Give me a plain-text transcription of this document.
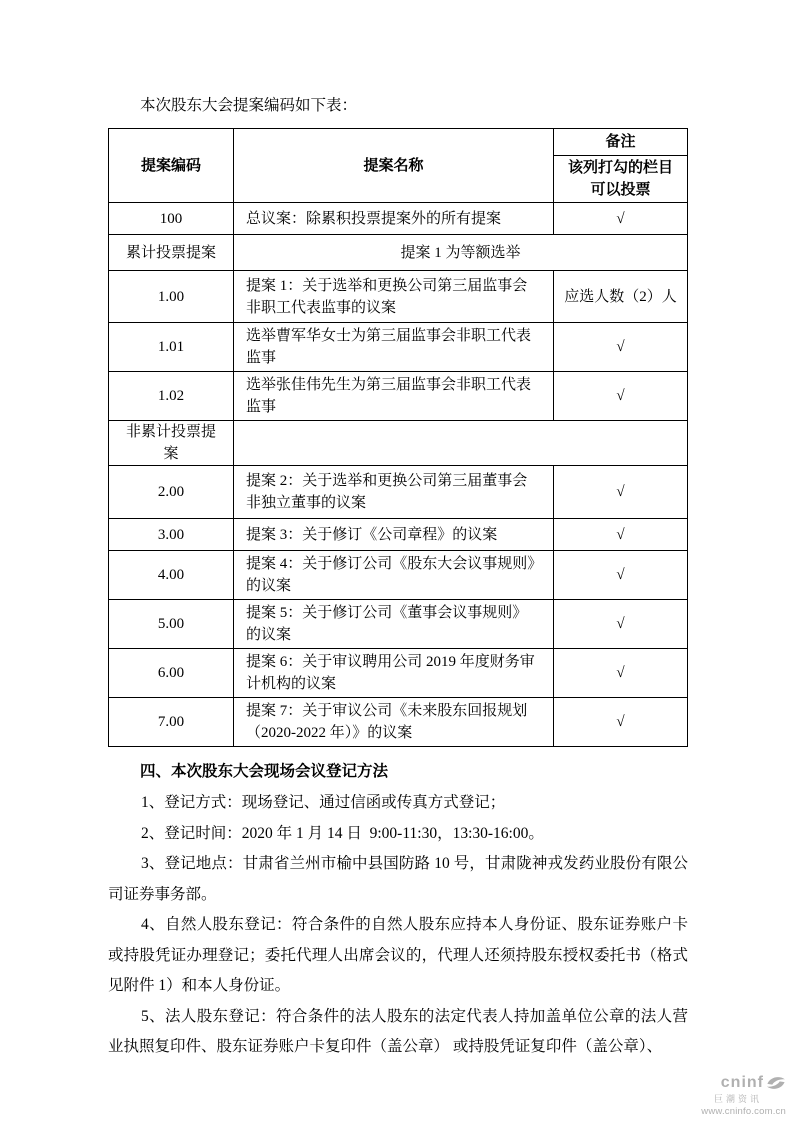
本次股东大会提案编码如下表：

提案编码	提案名称	备注
		该列打勾的栏目可以投票
100	总议案：除累积投票提案外的所有提案	√
累计投票提案	提案 1 为等额选举	
1.00	提案 1：关于选举和更换公司第三届监事会非职工代表监事的议案	应选人数（2）人
1.01	选举曹军华女士为第三届监事会非职工代表监事	√
1.02	选举张佳伟先生为第三届监事会非职工代表监事	√
非累计投票提案		
2.00	提案 2：关于选举和更换公司第三届董事会非独立董事的议案	√
3.00	提案 3：关于修订《公司章程》的议案	√
4.00	提案 4：关于修订公司《股东大会议事规则》的议案	√
5.00	提案 5：关于修订公司《董事会议事规则》的议案	√
6.00	提案 6：关于审议聘用公司 2019 年度财务审计机构的议案	√
7.00	提案 7：关于审议公司《未来股东回报规划（2020-2022 年）》的议案	√
四、本次股东大会现场会议登记方法

1、登记方式：现场登记、通过信函或传真方式登记；

2、登记时间：2020 年 1 月 14 日  9:00-11:30，13:30-16:00。

3、登记地点：甘肃省兰州市榆中县国防路 10 号，甘肃陇神戎发药业股份有限公司证券事务部。

4、自然人股东登记：符合条件的自然人股东应持本人身份证、股东证券账户卡或持股凭证办理登记；委托代理人出席会议的，代理人还须持股东授权委托书（格式见附件 1）和本人身份证。

5、法人股东登记：符合条件的法人股东的法定代表人持加盖单位公章的法人营业执照复印件、股东证券账户卡复印件（盖公章） 或持股凭证复印件（盖公章）、

cninf
巨潮资讯
www.cninfo.com.cn
